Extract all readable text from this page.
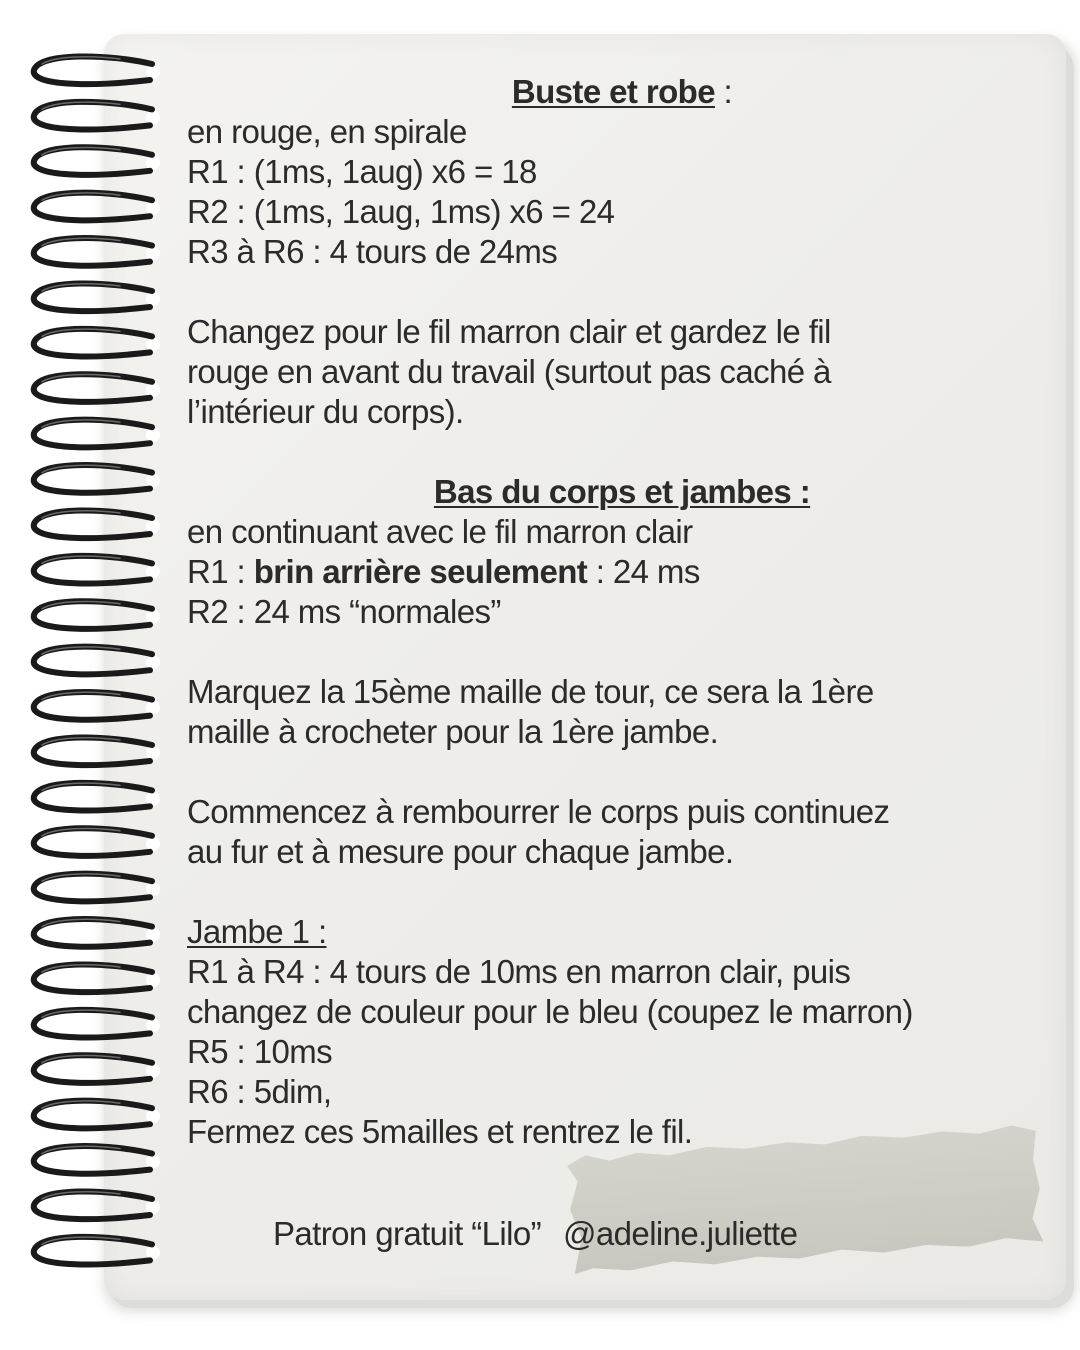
Buste et robe :
en rouge, en spirale
R1 : (1ms, 1aug) x6 = 18
R2 : (1ms, 1aug, 1ms) x6 = 24
R3 à R6 : 4 tours de 24ms
Changez pour le fil marron clair et gardez le fil
rouge en avant du travail (surtout pas caché à
l’intérieur du corps).
Bas du corps et jambes :
en continuant avec le fil marron clair
R1 : brin arrière seulement : 24 ms
R2 : 24 ms “normales”
Marquez la 15ème maille de tour, ce sera la 1ère
maille à crocheter pour la 1ère jambe.
Commencez à rembourrer le corps puis continuez
au fur et à mesure pour chaque jambe.
Jambe 1 :
R1 à R4 : 4 tours de 10ms en marron clair, puis
changez de couleur pour le bleu (coupez le marron)
R5 : 10ms
R6 : 5dim,
Fermez ces 5mailles et rentrez le fil.
Patron gratuit “Lilo” @adeline.juliette
